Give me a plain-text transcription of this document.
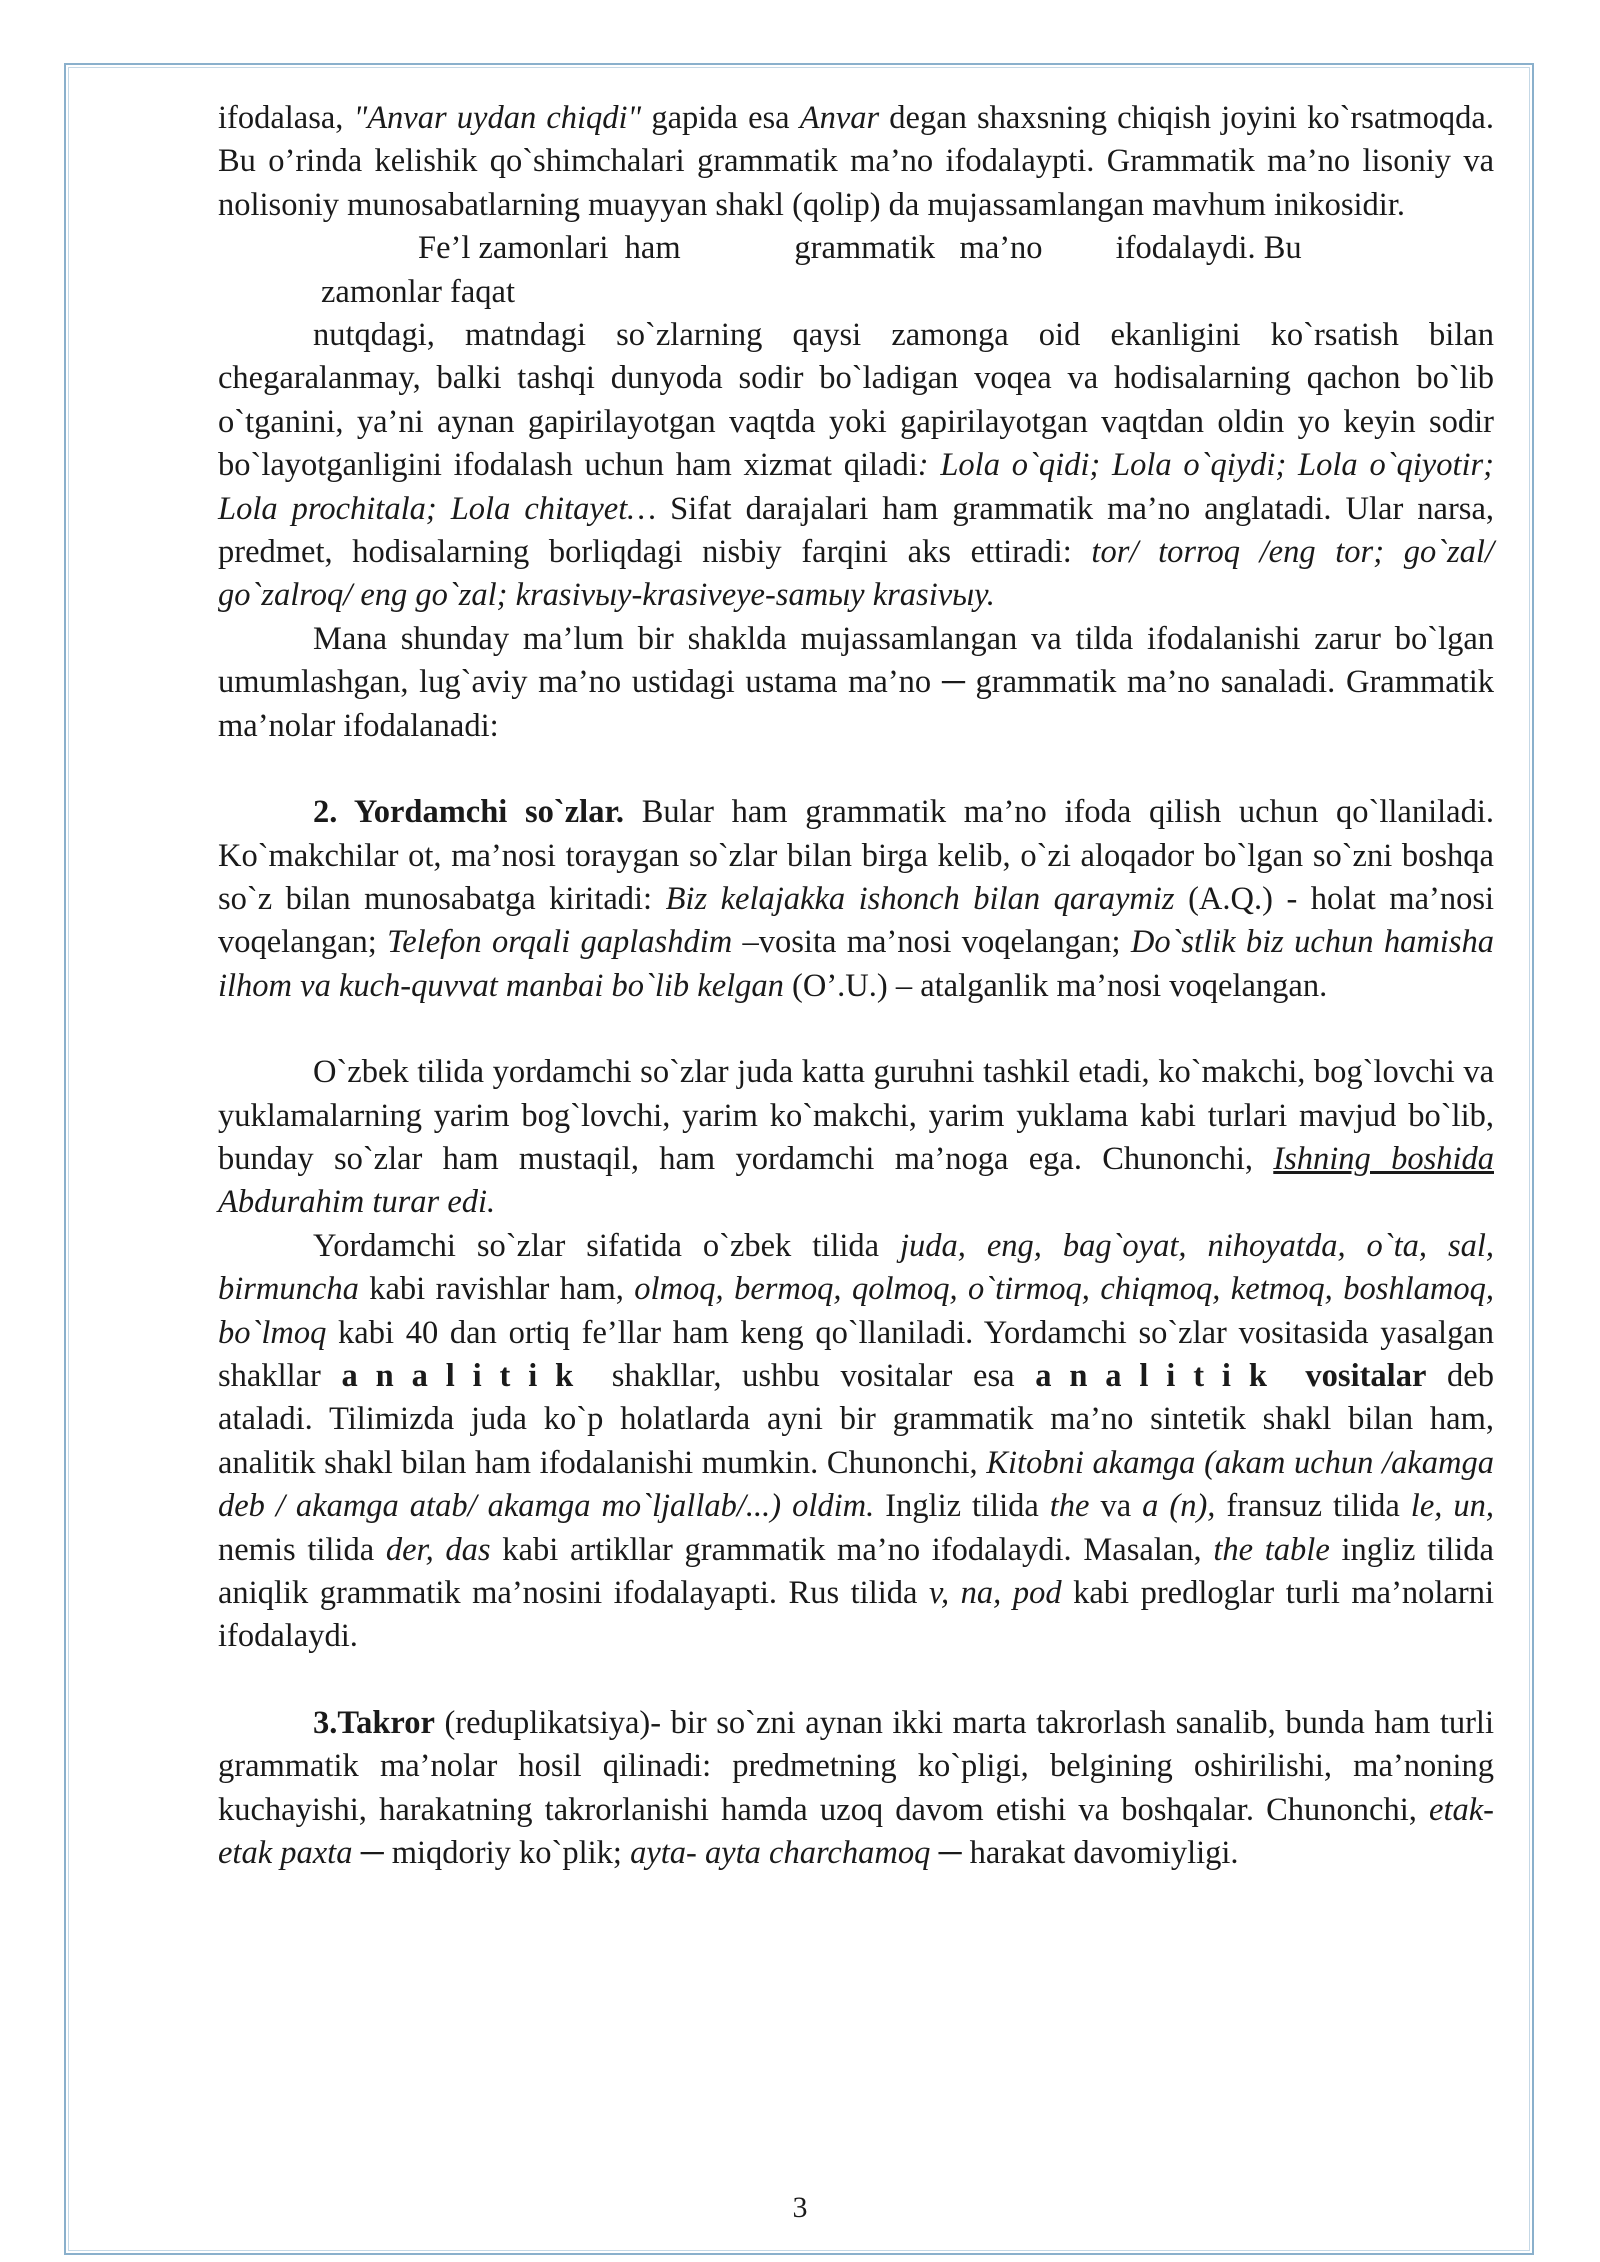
ifodalasa, "Anvar uydan chiqdi" gapida esa Anvar degan shaxsning chiqish joyini ko`rsatmoqda. Bu o’rinda kelishik qo`shimchalari grammatik ma’no ifodalaypti. Grammatik ma’no lisoniy va nolisoniy munosabatlarning muayyan shakl (qolip) da mujassamlangan mavhum inikosidir.

Fe’l zamonlari  ham              grammatik   ma’no         ifodalaydi. Bu

zamonlar faqat

nutqdagi, matndagi so`zlarning qaysi zamonga oid ekanligini ko`rsatish bilan chegaralanmay, balki tashqi dunyoda sodir bo`ladigan voqea va hodisalarning qachon bo`lib o`tganini, ya’ni aynan gapirilayotgan vaqtda yoki gapirilayotgan vaqtdan oldin yo keyin sodir bo`layotganligini ifodalash uchun ham xizmat qiladi: Lola o`qidi; Lola o`qiydi; Lola o`qiyotir; Lola prochitala; Lola chitayet… Sifat darajalari ham grammatik ma’no anglatadi. Ular narsa, predmet, hodisalarning borliqdagi nisbiy farqini aks ettiradi: tor/ torroq /eng tor; go`zal/ go`zalroq/ eng go`zal; krasivыy-krasiveye-samыy krasivыy.

Mana shunday ma’lum bir shaklda mujassamlangan va tilda ifodalanishi zarur bo`lgan umumlashgan, lug`aviy ma’no ustidagi ustama ma’no ─ grammatik ma’no sanaladi. Grammatik ma’nolar ifodalanadi:

2. Yordamchi so`zlar. Bular ham grammatik ma’no ifoda qilish uchun qo`llaniladi. Ko`makchilar ot, ma’nosi toraygan so`zlar bilan birga kelib, o`zi aloqador bo`lgan so`zni boshqa so`z bilan munosabatga kiritadi: Biz kelajakka ishonch bilan qaraymiz (A.Q.) - holat ma’nosi voqelangan; Telefon orqali gaplashdim –vosita ma’nosi voqelangan; Do`stlik biz uchun hamisha ilhom va kuch-quvvat manbai bo`lib kelgan (O’.U.) – atalganlik ma’nosi voqelangan.

O`zbek tilida yordamchi so`zlar juda katta guruhni tashkil etadi, ko`makchi, bog`lovchi va yuklamalarning yarim bog`lovchi, yarim ko`makchi, yarim yuklama kabi turlari mavjud bo`lib, bunday so`zlar ham mustaqil, ham yordamchi ma’noga ega. Chunonchi, Ishning boshida Abdurahim turar edi.

Yordamchi so`zlar sifatida o`zbek tilida juda, eng, bag`oyat, nihoyatda, o`ta, sal, birmuncha kabi ravishlar ham, olmoq, bermoq, qolmoq, o`tirmoq, chiqmoq, ketmoq, boshlamoq, bo`lmoq kabi 40 dan ortiq fe’llar ham keng qo`llaniladi. Yordamchi so`zlar vositasida yasalgan shakllar analitik shakllar, ushbu vositalar esa analitik vositalar deb ataladi. Tilimizda juda ko`p holatlarda ayni bir grammatik ma’no sintetik shakl bilan ham, analitik shakl bilan ham ifodalanishi mumkin. Chunonchi, Kitobni akamga (akam uchun /akamga deb / akamga atab/ akamga mo`ljallab/...) oldim. Ingliz tilida the va a (n), fransuz tilida le, un, nemis tilida der, das kabi artikllar grammatik ma’no ifodalaydi. Masalan, the table ingliz tilida aniqlik grammatik ma’nosini ifodalayapti. Rus tilida v, na, pod kabi predloglar turli ma’nolarni ifodalaydi.

3.Takror (reduplikatsiya)- bir so`zni aynan ikki marta takrorlash sanalib, bunda ham turli grammatik ma’nolar hosil qilinadi: predmetning ko`pligi, belgining oshirilishi, ma’noning kuchayishi, harakatning takrorlanishi hamda uzoq davom etishi va boshqalar. Chunonchi, etak-etak paxta ─ miqdoriy ko`plik; ayta- ayta charchamoq ─ harakat davomiyligi.

3
